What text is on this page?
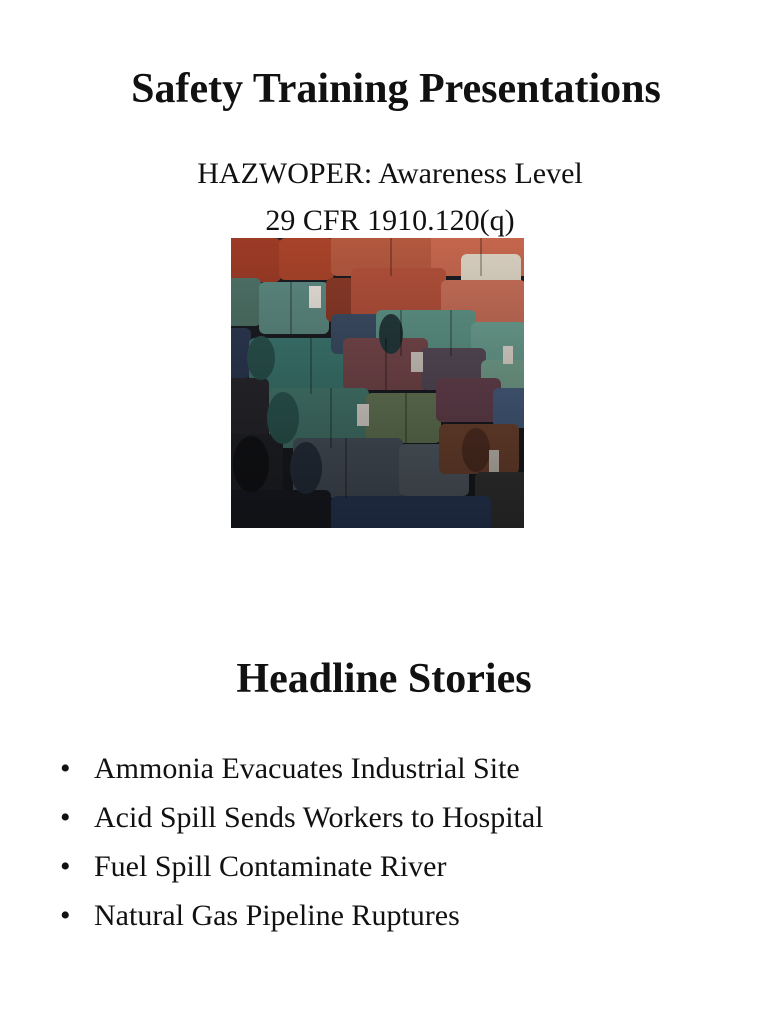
Safety Training Presentations

HAZWOPER: Awareness Level

29 CFR 1910.120(q)

Headline Stories
• Ammonia Evacuates Industrial Site
• Acid Spill Sends Workers to Hospital
• Fuel Spill Contaminate River
• Natural Gas Pipeline Ruptures
